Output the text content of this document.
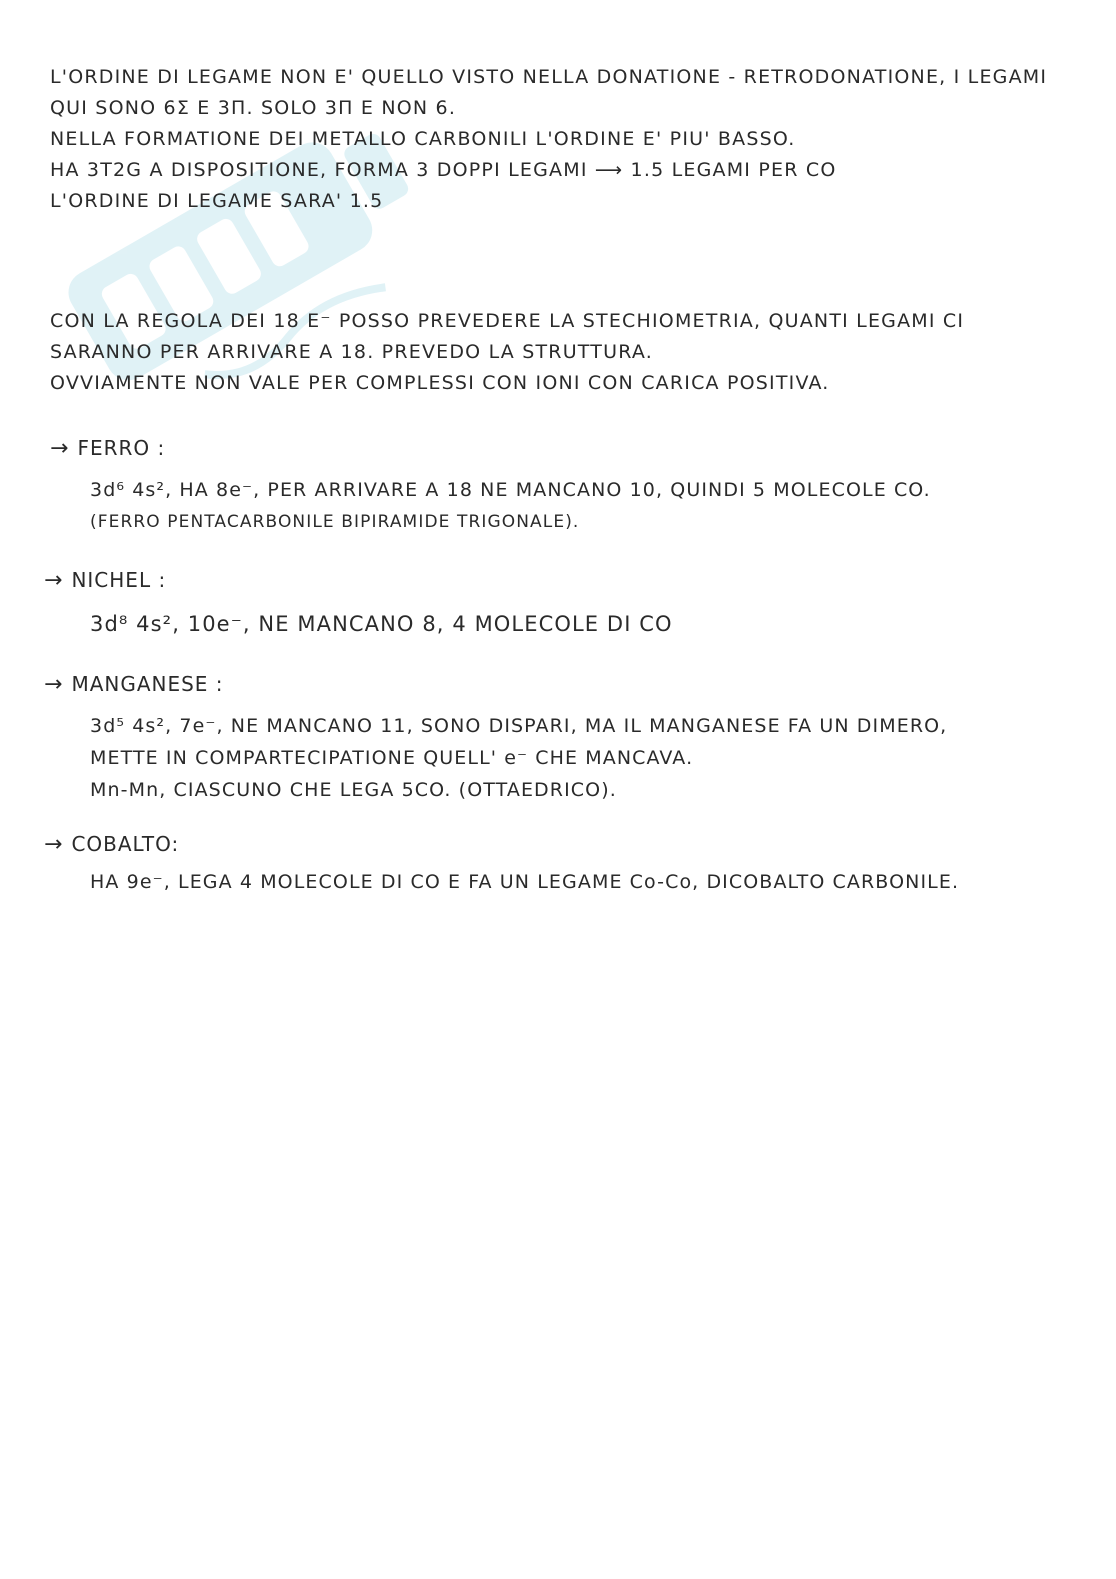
L'ORDINE DI LEGAME NON E' QUELLO VISTO NELLA DONATIONE - RETRODONATIONE, I LEGAMI
QUI SONO 6Σ E 3Π. SOLO 3Π E NON 6.
NELLA FORMATIONE DEI METALLO CARBONILI L'ORDINE E' PIU' BASSO.
HA 3T2G A DISPOSITIONE, FORMA 3 DOPPI LEGAMI ⟶ 1.5 LEGAMI PER CO
L'ORDINE DI LEGAME SARA' 1.5
CON LA REGOLA DEI 18 E⁻ POSSO PREVEDERE LA STECHIOMETRIA, QUANTI LEGAMI CI
SARANNO PER ARRIVARE A 18. PREVEDO LA STRUTTURA.
OVVIAMENTE NON VALE PER COMPLESSI CON IONI CON CARICA POSITIVA.
→ FERRO :
3d⁶ 4s², HA 8e⁻, PER ARRIVARE A 18 NE MANCANO 10, QUINDI 5 MOLECOLE CO.
(FERRO PENTACARBONILE BIPIRAMIDE TRIGONALE).
→ NICHEL :
3d⁸ 4s², 10e⁻, NE MANCANO 8, 4 MOLECOLE DI CO
→ MANGANESE :
3d⁵ 4s², 7e⁻, NE MANCANO 11, SONO DISPARI, MA IL MANGANESE FA UN DIMERO,
METTE IN COMPARTECIPATIONE QUELL' e⁻ CHE MANCAVA.
Mn-Mn, CIASCUNO CHE LEGA 5CO. (OTTAEDRICO).
→ COBALTO:
HA 9e⁻, LEGA 4 MOLECOLE DI CO E FA UN LEGAME Co-Co, DICOBALTO CARBONILE.
